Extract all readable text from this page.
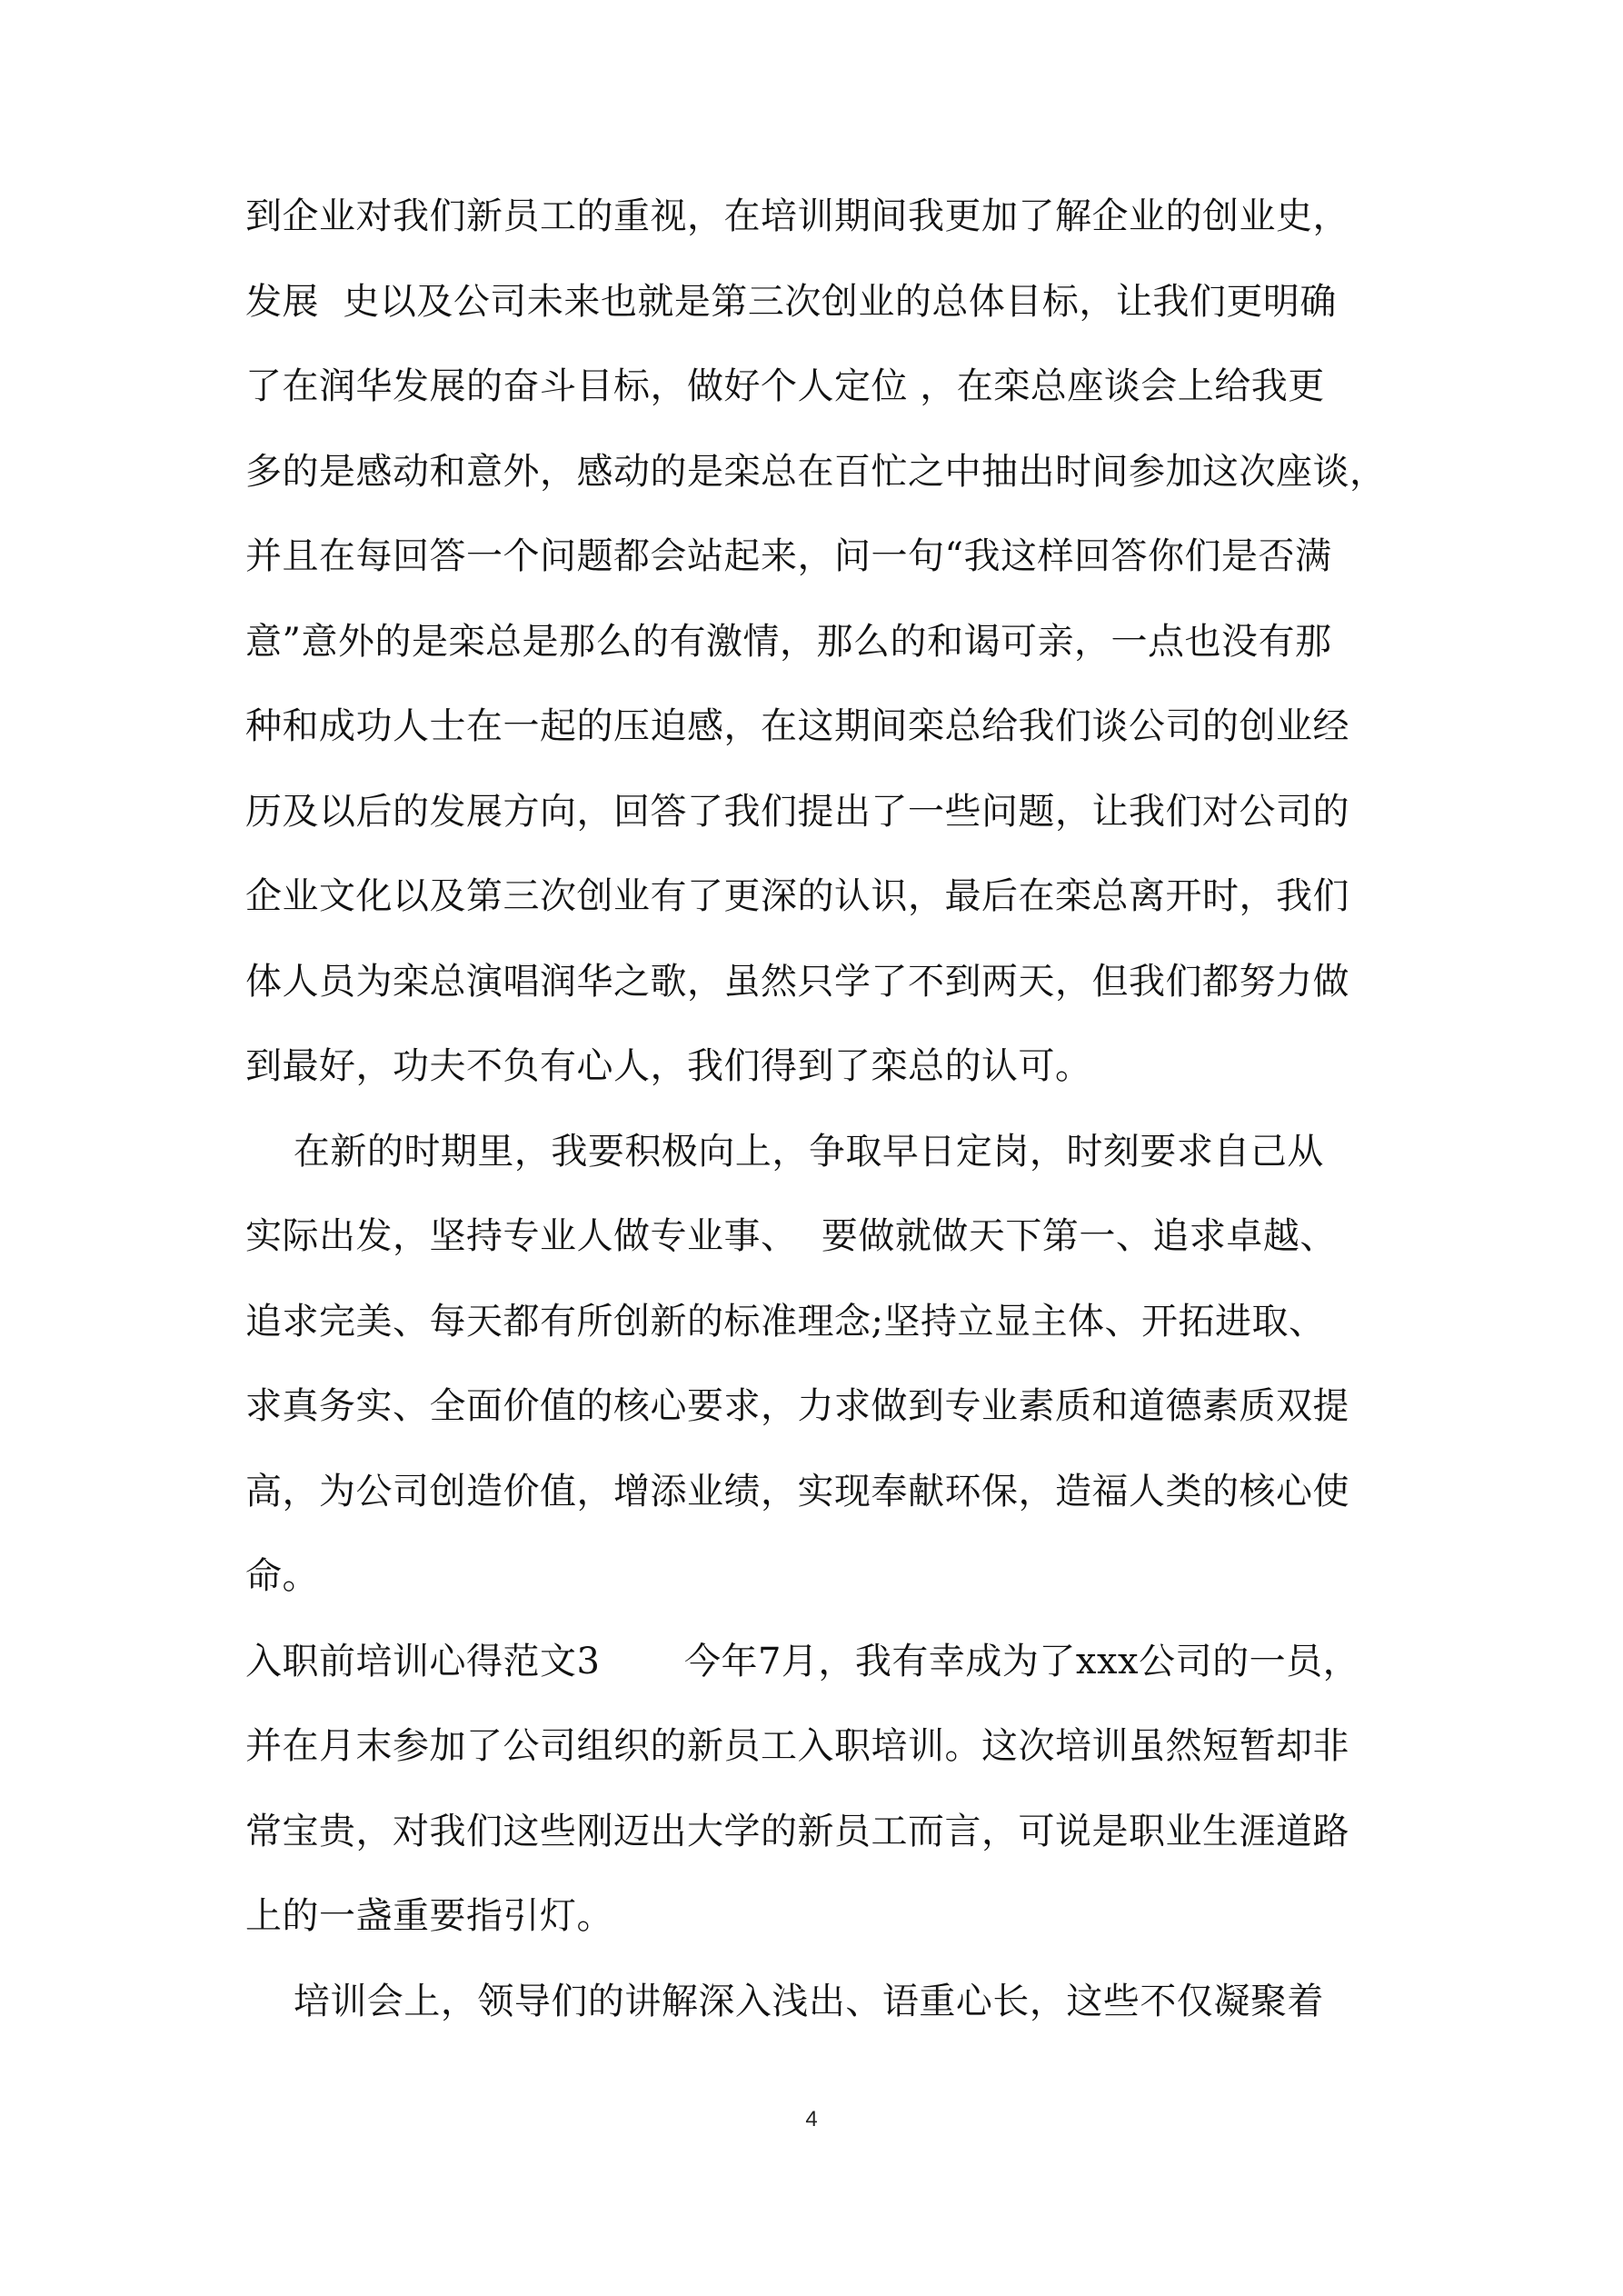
到企业对我们新员工的重视，在培训期间我更加了解企业的创业史，
发展  史以及公司未来也就是第三次创业的总体目标，让我们更明确
了在润华发展的奋斗目标，做好个人定位 ，在栾总座谈会上给我更
多的是感动和意外，感动的是栾总在百忙之中抽出时间参加这次座谈，
并且在每回答一个问题都会站起来，问一句“我这样回答你们是否满
意”意外的是栾总是那么的有激情，那么的和谒可亲，一点也没有那
种和成功人士在一起的压迫感，在这期间栾总给我们谈公司的创业经
历及以后的发展方向，回答了我们提出了一些问题，让我们对公司的
企业文化以及第三次创业有了更深的认识，最后在栾总离开时，我们
体人员为栾总演唱润华之歌，虽然只学了不到两天，但我们都努力做
到最好，功夫不负有心人，我们得到了栾总的认可。
在新的时期里，我要积极向上，争取早日定岗，时刻要求自己从
实际出发，坚持专业人做专业事、  要做就做天下第一、追求卓越、
追求完美、每天都有所创新的标准理念;坚持立显主体、开拓进取、
求真务实、全面价值的核心要求，力求做到专业素质和道德素质双提
高，为公司创造价值，增添业绩，实现奉献环保，造福人类的核心使
命。
入职前培训心得范文3       今年7月，我有幸成为了xxx公司的一员，
并在月末参加了公司组织的新员工入职培训。这次培训虽然短暂却非
常宝贵，对我们这些刚迈出大学的新员工而言，可说是职业生涯道路
上的一盏重要指引灯。
培训会上，领导们的讲解深入浅出、语重心长，这些不仅凝聚着
4
